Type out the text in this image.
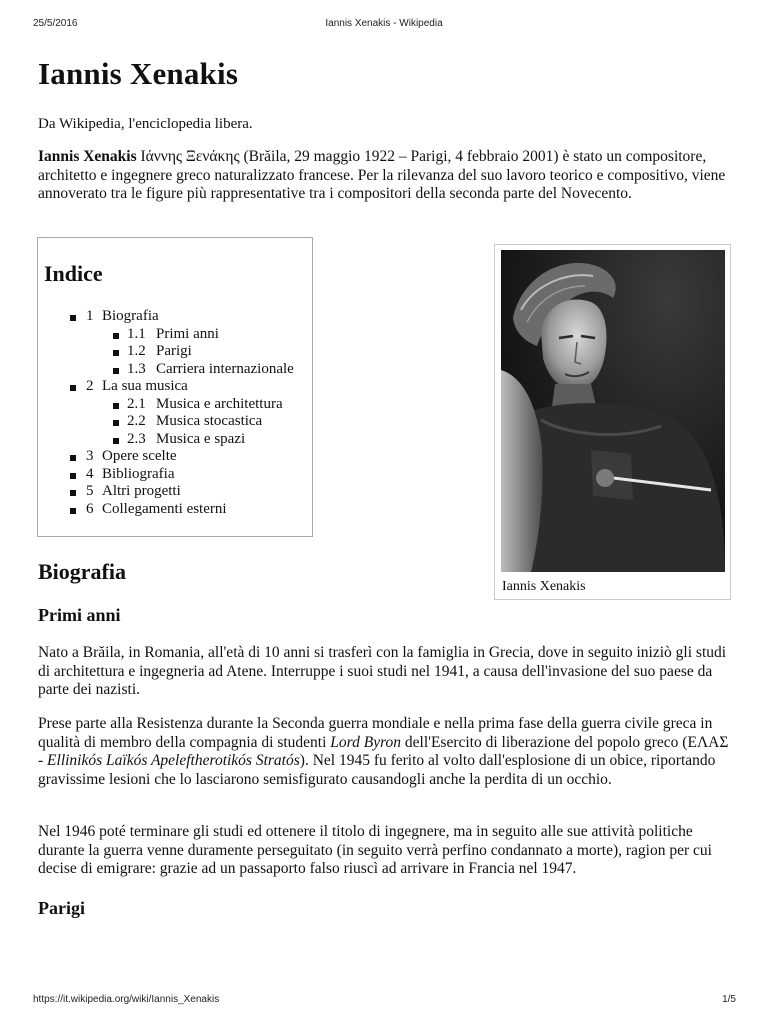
25/5/2016	Iannis Xenakis - Wikipedia
Iannis Xenakis

Da Wikipedia, l'enciclopedia libera.

Iannis Xenakis Ιάννης Ξενάκης (Brăila, 29 maggio 1922 – Parigi, 4 febbraio 2001) è stato un compositore, architetto e ingegnere greco naturalizzato francese. Per la rilevanza del suo lavoro teorico e compositivo, viene annoverato tra le figure più rappresentative tra i compositori della seconda parte del Novecento.

Indice
1 Biografia
1.1 Primi anni
1.2 Parigi
1.3 Carriera internazionale
2 La sua musica
2.1 Musica e architettura
2.2 Musica stocastica
2.3 Musica e spazi
3 Opere scelte
4 Bibliografia
5 Altri progetti
6 Collegamenti esterni
Iannis Xenakis
Biografia
Primi anni

Nato a Brăila, in Romania, all'età di 10 anni si trasferì con la famiglia in Grecia, dove in seguito iniziò gli studi di architettura e ingegneria ad Atene. Interruppe i suoi studi nel 1941, a causa dell'invasione del suo paese da parte dei nazisti.

Prese parte alla Resistenza durante la Seconda guerra mondiale e nella prima fase della guerra civile greca in qualità di membro della compagnia di studenti Lord Byron dell'Esercito di liberazione del popolo greco (ΕΛΑΣ - Ellinikós Laïkós Apeleftherotikós Stratós). Nel 1945 fu ferito al volto dall'esplosione di un obice, riportando gravissime lesioni che lo lasciarono semisfigurato causandogli anche la perdita di un occhio.

Nel 1946 poté terminare gli studi ed ottenere il titolo di ingegnere, ma in seguito alle sue attività politiche durante la guerra venne duramente perseguitato (in seguito verrà perfino condannato a morte), ragion per cui decise di emigrare: grazie ad un passaporto falso riuscì ad arrivare in Francia nel 1947.

Parigi
https://it.wikipedia.org/wiki/Iannis_Xenakis	1/5
